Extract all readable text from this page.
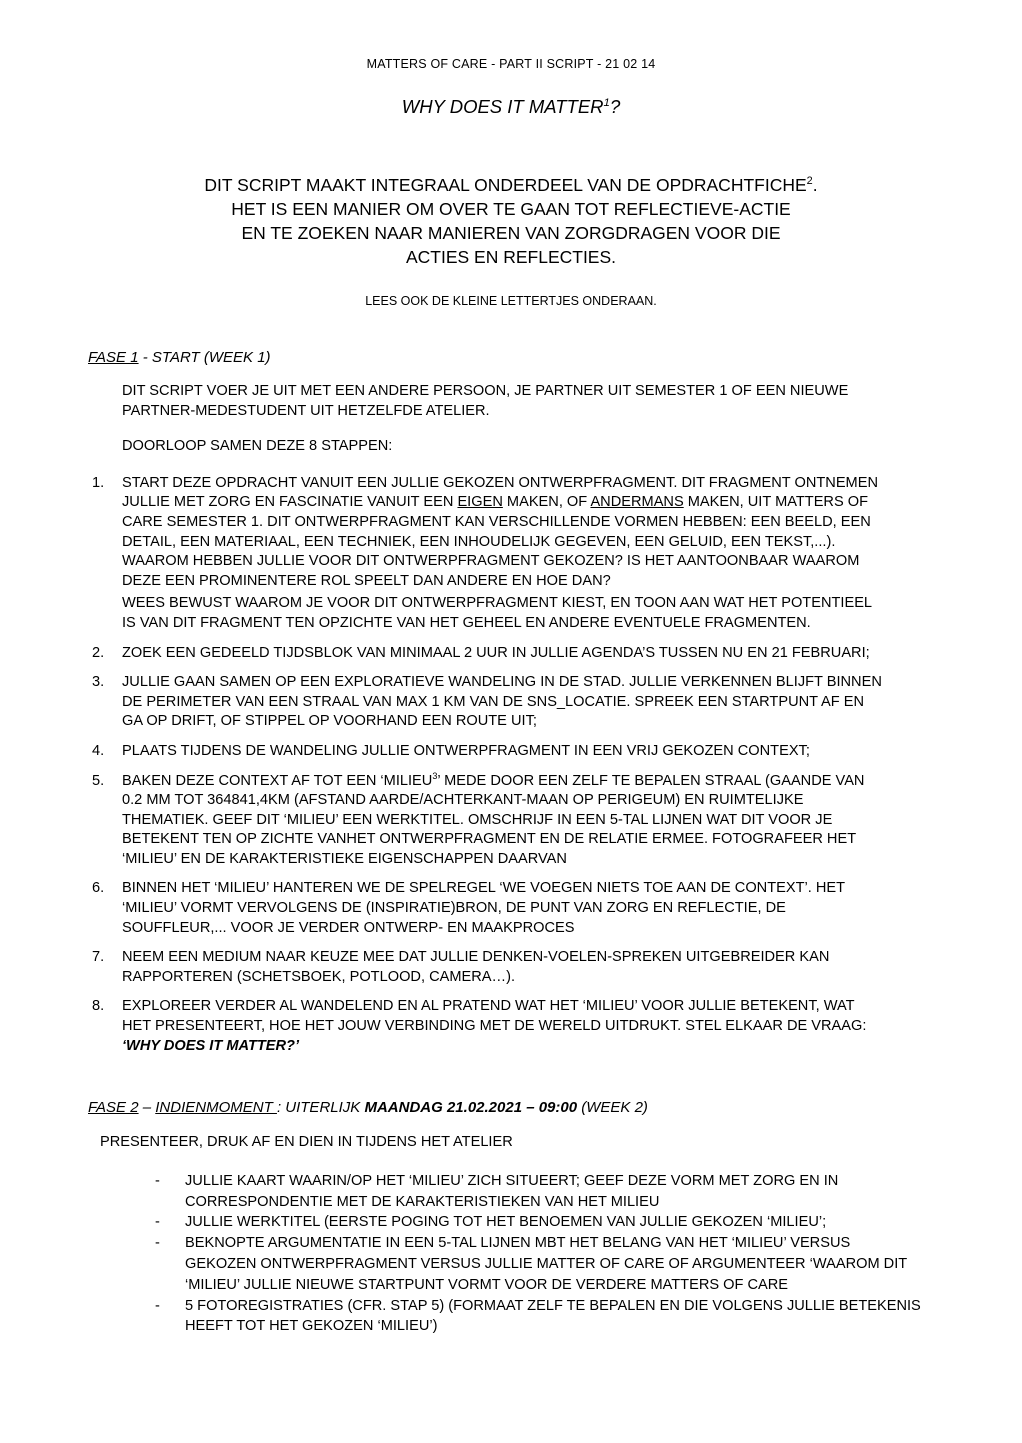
MATTERS OF CARE - PART II SCRIPT - 21 02 14
WHY DOES IT MATTER$^1$?
DIT SCRIPT MAAKT INTEGRAAL ONDERDEEL VAN DE OPDRACHTFICHE$^2$.
HET IS EEN MANIER OM OVER TE GAAN TOT REFLECTIEVE-ACTIE
EN TE ZOEKEN NAAR MANIEREN VAN ZORGDRAGEN VOOR DIE
ACTIES EN REFLECTIES.
LEES OOK DE KLEINE LETTERTJES ONDERAAN.
FASE 1 - START (WEEK 1)
DIT SCRIPT VOER JE UIT MET EEN ANDERE PERSOON, JE PARTNER UIT SEMESTER 1 OF EEN NIEUWE PARTNER-MEDESTUDENT UIT HETZELFDE ATELIER.
DOORLOOP SAMEN DEZE 8 STAPPEN:
1.	START DEZE OPDRACHT VANUIT EEN JULLIE GEKOZEN ONTWERPFRAGMENT. DIT FRAGMENT ONTNEMEN JULLIE MET ZORG EN FASCINATIE VANUIT EEN EIGEN MAKEN, OF ANDERMANS MAKEN, UIT MATTERS OF CARE SEMESTER 1. DIT ONTWERPFRAGMENT KAN VERSCHILLENDE VORMEN HEBBEN: EEN BEELD, EEN DETAIL, EEN MATERIAAL, EEN TECHNIEK, EEN INHOUDELIJK GEGEVEN, EEN GELUID, EEN TEKST,...). WAAROM HEBBEN JULLIE VOOR DIT ONTWERPFRAGMENT GEKOZEN? IS HET AANTOONBAAR WAAROM DEZE EEN PROMINENTERE ROL SPEELT DAN ANDERE EN HOE DAN?
WEES BEWUST WAAROM JE VOOR DIT ONTWERPFRAGMENT KIEST, EN TOON AAN WAT HET POTENTIEEL IS VAN DIT FRAGMENT TEN OPZICHTE VAN HET GEHEEL EN ANDERE EVENTUELE FRAGMENTEN.
2.	ZOEK EEN GEDEELD TIJDSBLOK VAN MINIMAAL 2 UUR IN JULLIE AGENDA’S TUSSEN NU EN 21 FEBRUARI;
3.	JULLIE GAAN SAMEN OP EEN EXPLORATIEVE WANDELING IN DE STAD. JULLIE VERKENNEN BLIJFT BINNEN DE PERIMETER VAN EEN STRAAL VAN MAX 1 KM VAN DE SNS_LOCATIE. SPREEK EEN STARTPUNT AF EN GA OP DRIFT, OF STIPPEL OP VOORHAND EEN ROUTE UIT;
4.	PLAATS TIJDENS DE WANDELING JULLIE ONTWERPFRAGMENT IN EEN VRIJ GEKOZEN CONTEXT;
5.	BAKEN DEZE CONTEXT AF TOT EEN ‘MILIEU$^3$’ MEDE DOOR EEN ZELF TE BEPALEN STRAAL (GAANDE VAN 0.2 MM TOT 364841,4KM (AFSTAND AARDE/ACHTERKANT-MAAN OP PERIGEUM) EN RUIMTELIJKE THEMATIEK. GEEF DIT ‘MILIEU’ EEN WERKTITEL. OMSCHRIJF IN EEN 5-TAL LIJNEN WAT DIT VOOR JE BETEKENT TEN OP ZICHTE VANHET ONTWERPFRAGMENT EN DE RELATIE ERMEE. FOTOGRAFEER HET ‘MILIEU’ EN DE KARAKTERISTIEKE EIGENSCHAPPEN DAARVAN
6.	BINNEN HET ‘MILIEU’ HANTEREN WE DE SPELREGEL ‘WE VOEGEN NIETS TOE AAN DE CONTEXT’. HET ‘MILIEU’ VORMT VERVOLGENS DE (INSPIRATIE)BRON, DE PUNT VAN ZORG EN REFLECTIE, DE SOUFFLEUR,... VOOR JE VERDER ONTWERP- EN MAAKPROCES
7.	NEEM EEN MEDIUM NAAR KEUZE MEE DAT JULLIE DENKEN-VOELEN-SPREKEN UITGEBREIDER KAN RAPPORTEREN (SCHETSBOEK, POTLOOD, CAMERA…).
8.	EXPLOREER VERDER AL WANDELEND EN AL PRATEND WAT HET ‘MILIEU’ VOOR JULLIE BETEKENT, WAT HET PRESENTEERT, HOE HET JOUW VERBINDING MET DE WERELD UITDRUKT. STEL ELKAAR DE VRAAG:
‘WHY DOES IT MATTER?’
FASE 2 – INDIENMOMENT : UITERLIJK MAANDAG 21.02.2021 – 09:00 (WEEK 2)
PRESENTEER, DRUK AF EN DIEN IN TIJDENS HET ATELIER
-	JULLIE KAART WAARIN/OP HET ‘MILIEU’ ZICH SITUEERT; GEEF DEZE VORM MET ZORG EN IN CORRESPONDENTIE MET DE KARAKTERISTIEKEN VAN HET MILIEU
-	JULLIE WERKTITEL (EERSTE POGING TOT HET BENOEMEN VAN JULLIE GEKOZEN ‘MILIEU’;
-	BEKNOPTE ARGUMENTATIE IN EEN 5-TAL LIJNEN MBT HET BELANG VAN HET ‘MILIEU’ VERSUS GEKOZEN ONTWERPFRAGMENT VERSUS JULLIE MATTER OF CARE OF ARGUMENTEER ‘WAAROM DIT ‘MILIEU’ JULLIE NIEUWE STARTPUNT VORMT VOOR DE VERDERE MATTERS OF CARE
-	5 FOTOREGISTRATIES (CFR. STAP 5) (FORMAAT ZELF TE BEPALEN EN DIE VOLGENS JULLIE BETEKENIS HEEFT TOT HET GEKOZEN ‘MILIEU’)
